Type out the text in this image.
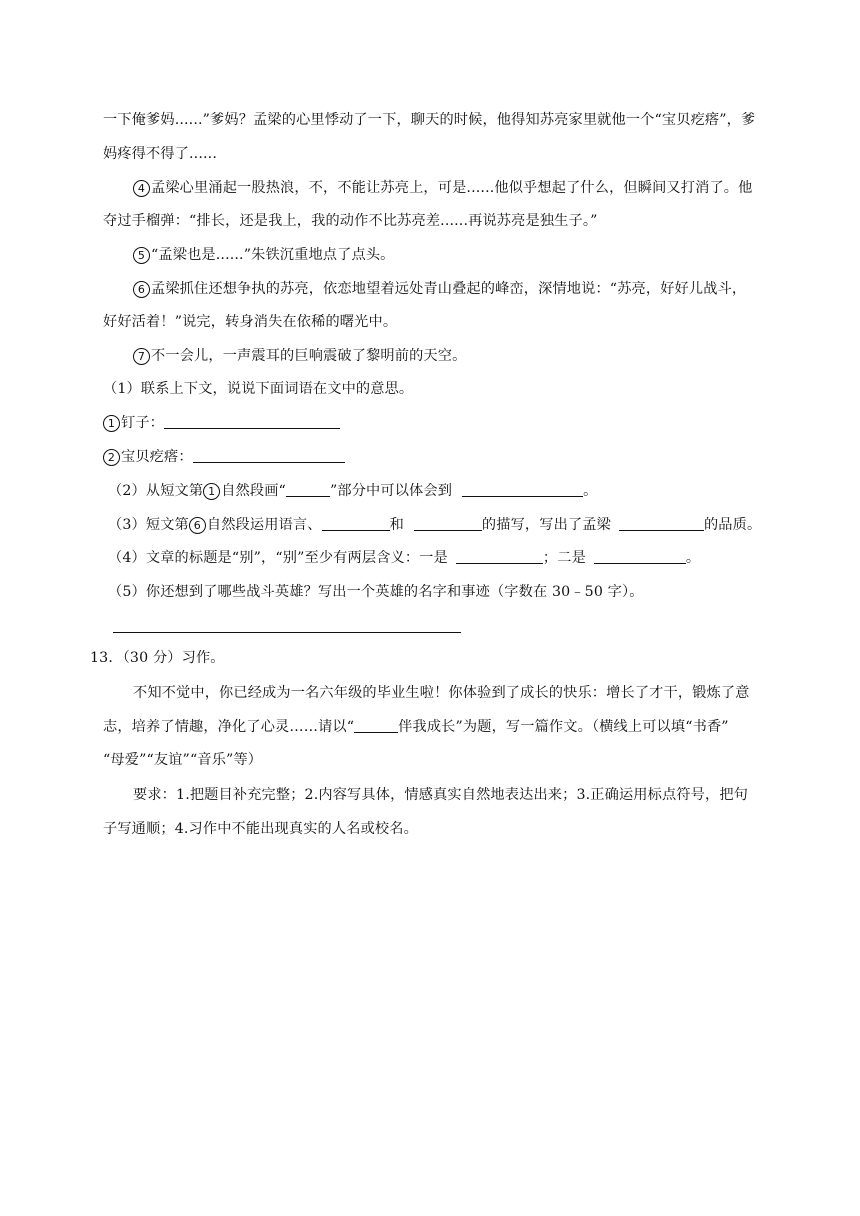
一下俺爹妈......”爹妈？孟梁的心里悸动了一下，聊天的时候，他得知苏亮家里就他一个“宝贝疙瘩”，爹
妈疼得不得了......
4 孟梁心里涌起一股热浪，不，不能让苏亮上，可是......他似乎想起了什么，但瞬间又打消了。他
夺过手榴弹：“排长，还是我上，我的动作不比苏亮差......再说苏亮是独生子。”
5 “孟梁也是......”朱铁沉重地点了点头。
6 孟梁抓住还想争执的苏亮，依恋地望着远处青山叠起的峰峦，深情地说：“苏亮，好好儿战斗，
好好活着！”说完，转身消失在依稀的曙光中。
7 不一会儿，一声震耳的巨响震破了黎明前的天空。
（1）联系上下文，说说下面词语在文中的意思。
1 钉子：
2 宝贝疙瘩：
（2）从短文第 1 自然段画“	”部分中可以体会到	。
（3）短文第 6 自然段运用语言、	和	的描写，写出了孟梁	的品质。
（4）文章的标题是“别”，“别”至少有两层含义：一是	；二是	。
（5）你还想到了哪些战斗英雄？写出一个英雄的名字和事迹（字数在 30﹣50 字）。
13．（30 分）习作。
不知不觉中，你已经成为一名六年级的毕业生啦！你体验到了成长的快乐：增长了才干，锻炼了意
志，培养了情趣，净化了心灵……请以“	伴我成长”为题，写一篇作文。（横线上可以填“书香”
“母爱”“友谊”“音乐”等）
要求：1.把题目补充完整；2.内容写具体，情感真实自然地表达出来；3.正确运用标点符号，把句
子写通顺；4.习作中不能出现真实的人名或校名。
